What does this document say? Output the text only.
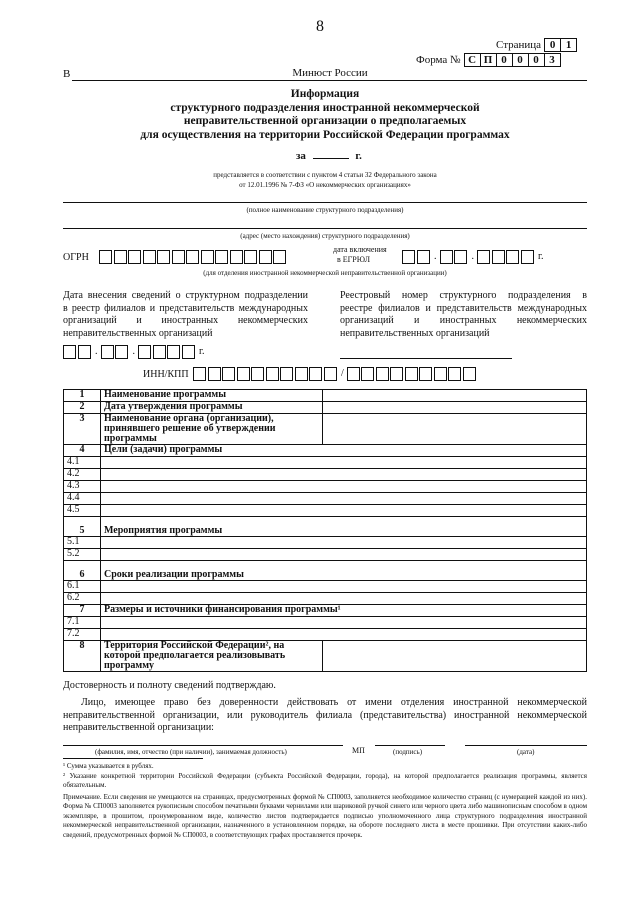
8
Страница 0 1
Форма № С П 0 0 0 3
В	Минюст России
Информация
структурного подразделения иностранной некоммерческой
неправительственной организации о предполагаемых
для осуществления на территории Российской Федерации программах
за	г.
представляется в соответствии с пунктом 4 статьи 32 Федерального закона
от 12.01.1996 № 7-ФЗ «О некоммерческих организациях»
(полное наименование структурного подразделения)
(адрес (место нахождения) структурного подразделения)
ОГРН
дата включения
в ЕГРЮЛ	.	.	г.
(для отделения иностранной некоммерческой неправительственной организации)
Дата внесения сведений о структурном подразделении
в реестр филиалов и представительств международных
организаций и иностранных некоммерческих
неправительственных организаций
Реестровый номер структурного подразделения в
реестре филиалов и представительств международных
организаций и иностранных некоммерческих
неправительственных организаций
.	.	г.
ИНН/КПП	/
1	Наименование программы	
2	Дата утверждения программы	
3	Наименование органа (организации), принявшего решение об утверждении программы	
4	Цели (задачи) программы	
4.1		
4.2		
4.3		
4.4		
4.5		
5	Мероприятия программы	
5.1		
5.2		
6	Сроки реализации программы	
6.1		
6.2		
7	Размеры и источники финансирования программы¹	
7.1		
7.2		
8	Территория Российской Федерации², на которой предполагается реализовывать программу	
Достоверность и полноту сведений подтверждаю.
Лицо, имеющее право без доверенности действовать от имени отделения иностранной некоммерческой неправительственной организации, или руководитель филиала (представительства) иностранной некоммерческой неправительственной организации:
(фамилия, имя, отчество (при наличии), занимаемая должность)	МП	(подпись)	(дата)
¹ Сумма указывается в рублях.
² Указание конкретной территории Российской Федерации (субъекта Российской Федерации, города), на которой предполагается реализация программы, является обязательным.
Примечание. Если сведения не умещаются на страницах, предусмотренных формой № СП0003, заполняется необходимое количество страниц (с нумерацией каждой из них). Форма № СП0003 заполняется рукописным способом печатными буквами чернилами или шариковой ручкой синего или черного цвета либо машинописным способом в одном экземпляре, в прошитом, пронумерованном виде, количество листов подтверждается подписью уполномоченного лица структурного подразделения иностранной некоммерческой неправительственной организации, назначенного в установленном порядке, на обороте последнего листа в месте прошивки. При отсутствии каких-либо сведений, предусмотренных формой № СП0003, в соответствующих графах проставляется прочерк.
